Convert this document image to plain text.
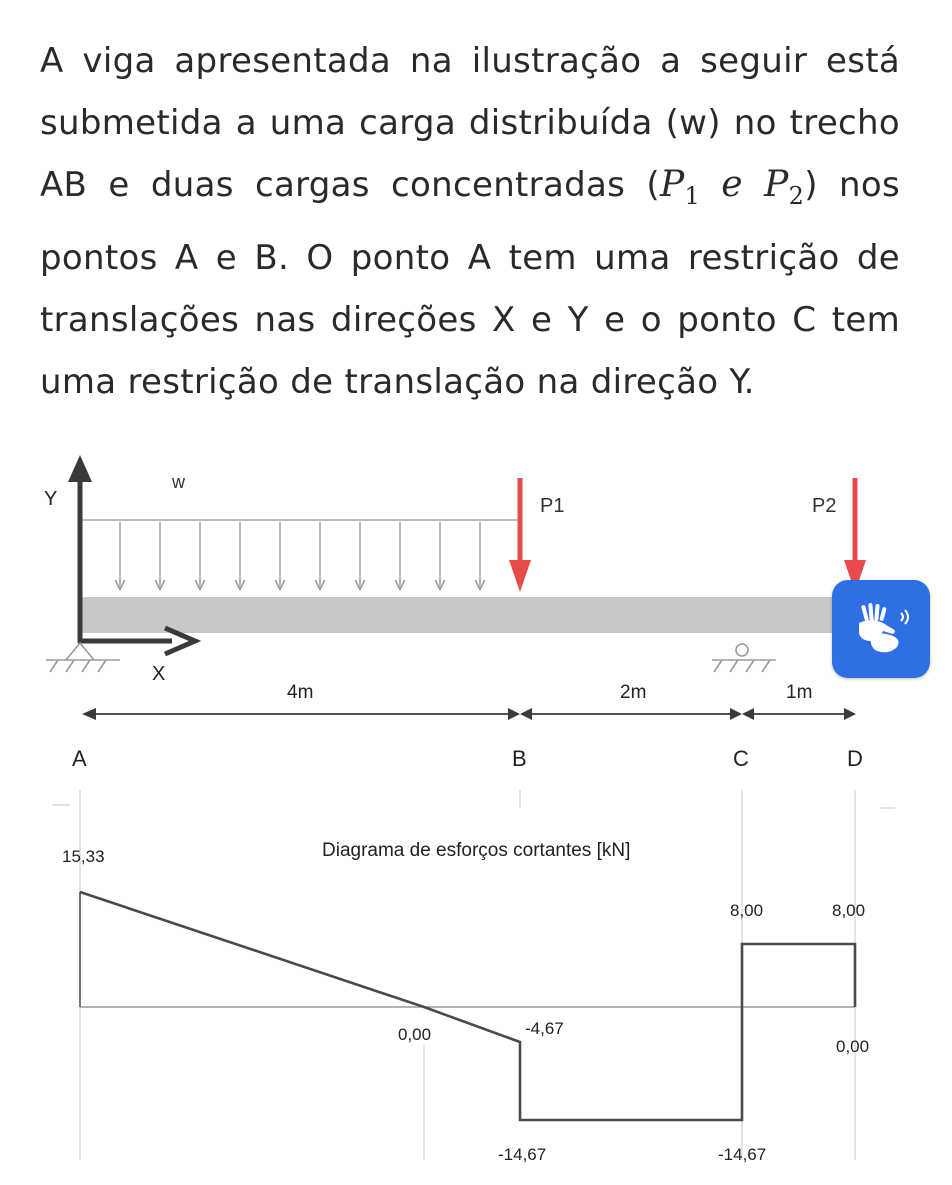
A viga apresentada na ilustração a seguir está submetida a uma carga distribuída (w) no trecho AB e duas cargas concentradas ($P_1$ e $P_2$) nos pontos A e B. O ponto A tem uma restrição de translações nas direções X e Y e o ponto C tem uma restrição de translação na direção Y.
w
Y
X
P1	P2
4m	2m	1m
A	B	C	D
Diagrama de esforços cortantes [kN]
15,33
0,00	-4,67
-14,67	-14,67
8,00	8,00
0,00
